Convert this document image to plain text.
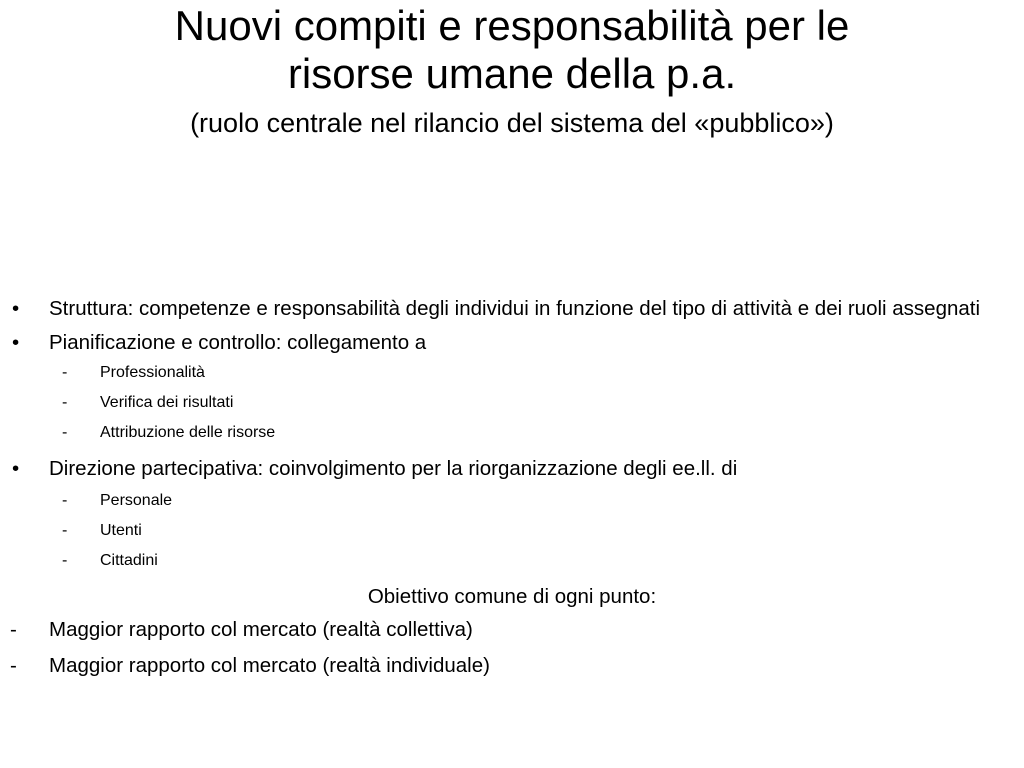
Nuovi compiti e responsabilità per le
risorse umane della p.a.
(ruolo centrale nel rilancio del sistema del «pubblico»)
• Struttura: competenze e responsabilità degli individui in funzione del tipo di attività e dei ruoli assegnati
• Pianificazione e controllo: collegamento a
- Professionalità
- Verifica dei risultati
- Attribuzione delle risorse
• Direzione partecipativa: coinvolgimento per la riorganizzazione degli ee.ll. di
- Personale
- Utenti
- Cittadini
Obiettivo comune di ogni punto:
- Maggior rapporto col mercato (realtà collettiva)
- Maggior rapporto col mercato (realtà individuale)
